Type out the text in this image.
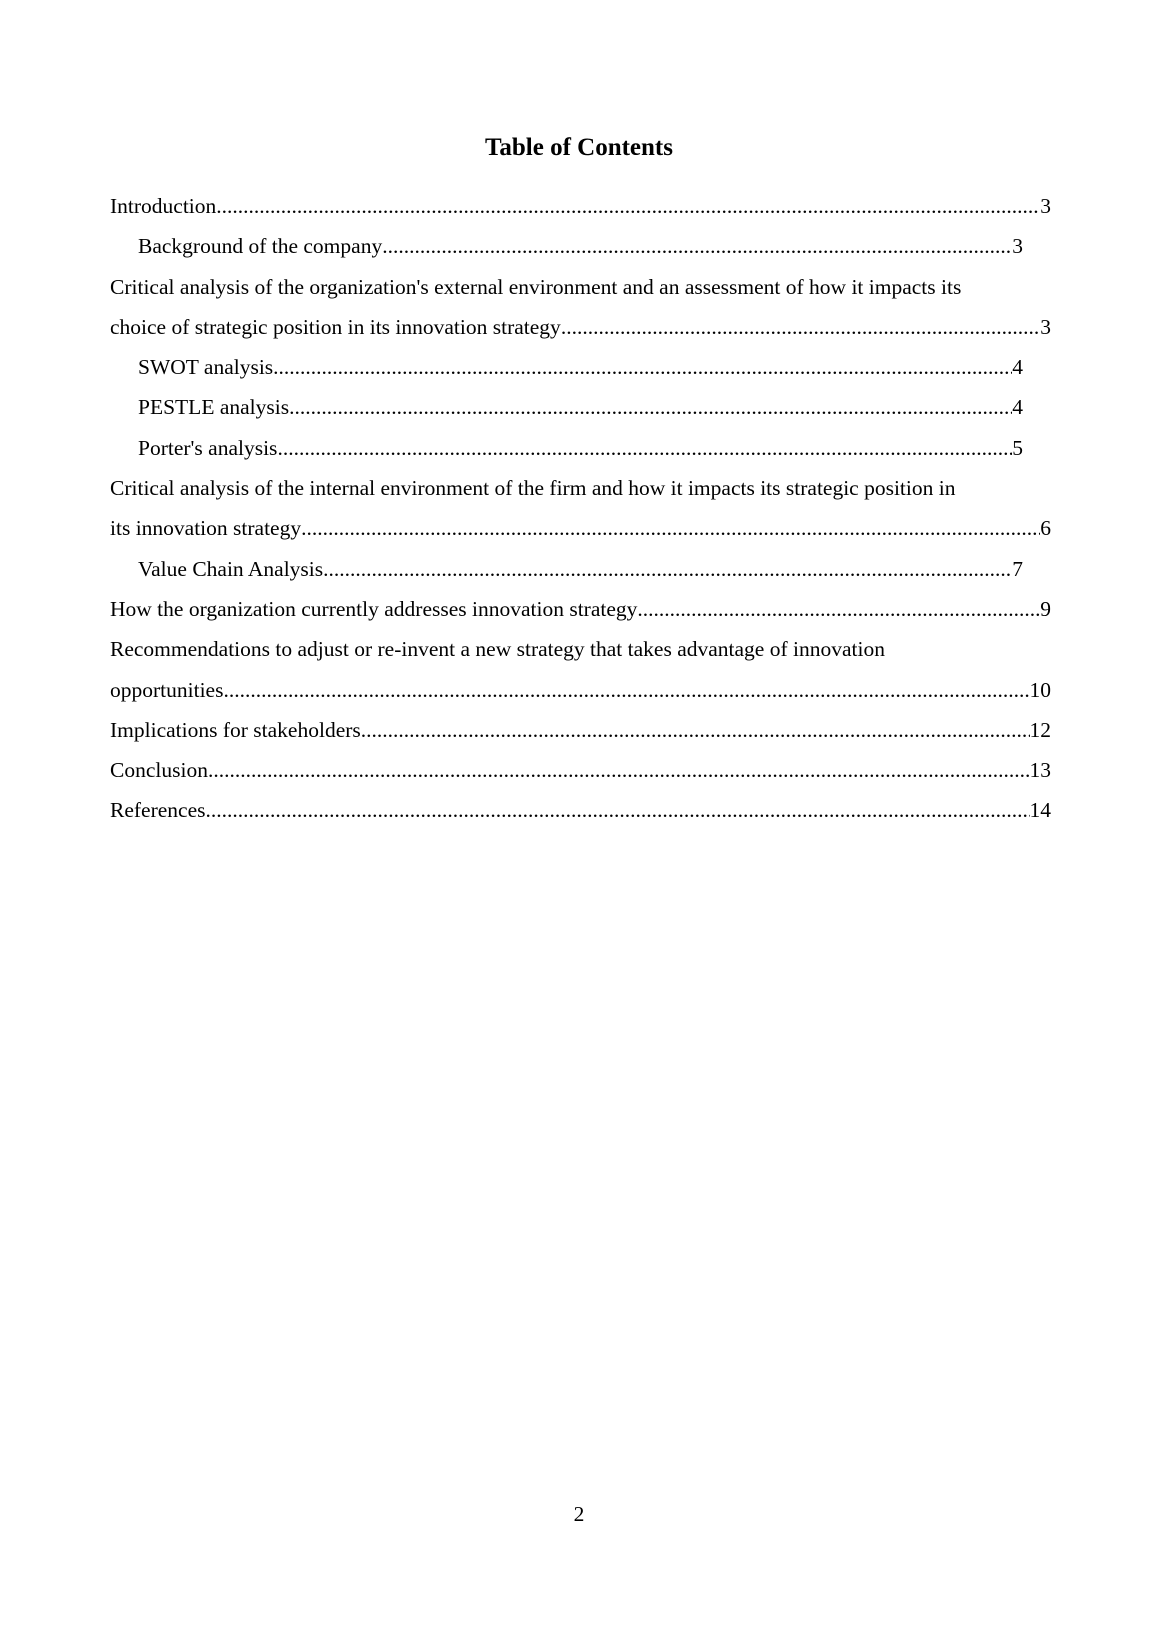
Table of Contents
Introduction .....	3
Background of the company .....	3
Critical analysis of the organization's external environment and an assessment of how it impacts its
choice of strategic position in its innovation strategy .....	3
SWOT analysis .....	4
PESTLE analysis .....	4
Porter's analysis .....	5
Critical analysis of the internal environment of the firm and how it impacts its strategic position in
its innovation strategy .....	6
Value Chain Analysis .....	7
How the organization currently addresses innovation strategy .....	9
Recommendations to adjust or re-invent a new strategy that takes advantage of innovation
opportunities .....	10
Implications for stakeholders .....	12
Conclusion .....	13
References .....	14
2
